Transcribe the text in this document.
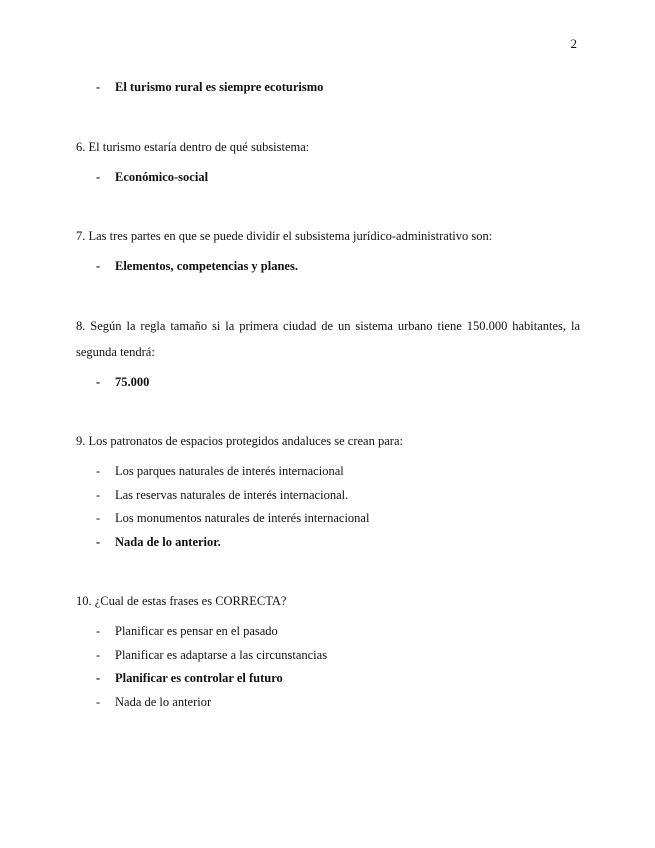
2
- El turismo rural es siempre ecoturismo

6. El turismo estaría dentro de qué subsistema:

- Económico-social

7. Las tres partes en que se puede dividir el subsistema jurídico-administrativo son:

- Elementos, competencias y planes.

8. Según la regla tamaño si la primera ciudad de un sistema urbano tiene 150.000 habitantes, la segunda tendrá:

- 75.000

9. Los patronatos de espacios protegidos andaluces se crean para:

- Los parques naturales de interés internacional
- Las reservas naturales de interés internacional.
- Los monumentos naturales de interés internacional
- Nada de lo anterior.

10. ¿Cual de estas frases es CORRECTA?

- Planificar es pensar en el pasado
- Planificar es adaptarse a las circunstancias
- Planificar es controlar el futuro
- Nada de lo anterior
